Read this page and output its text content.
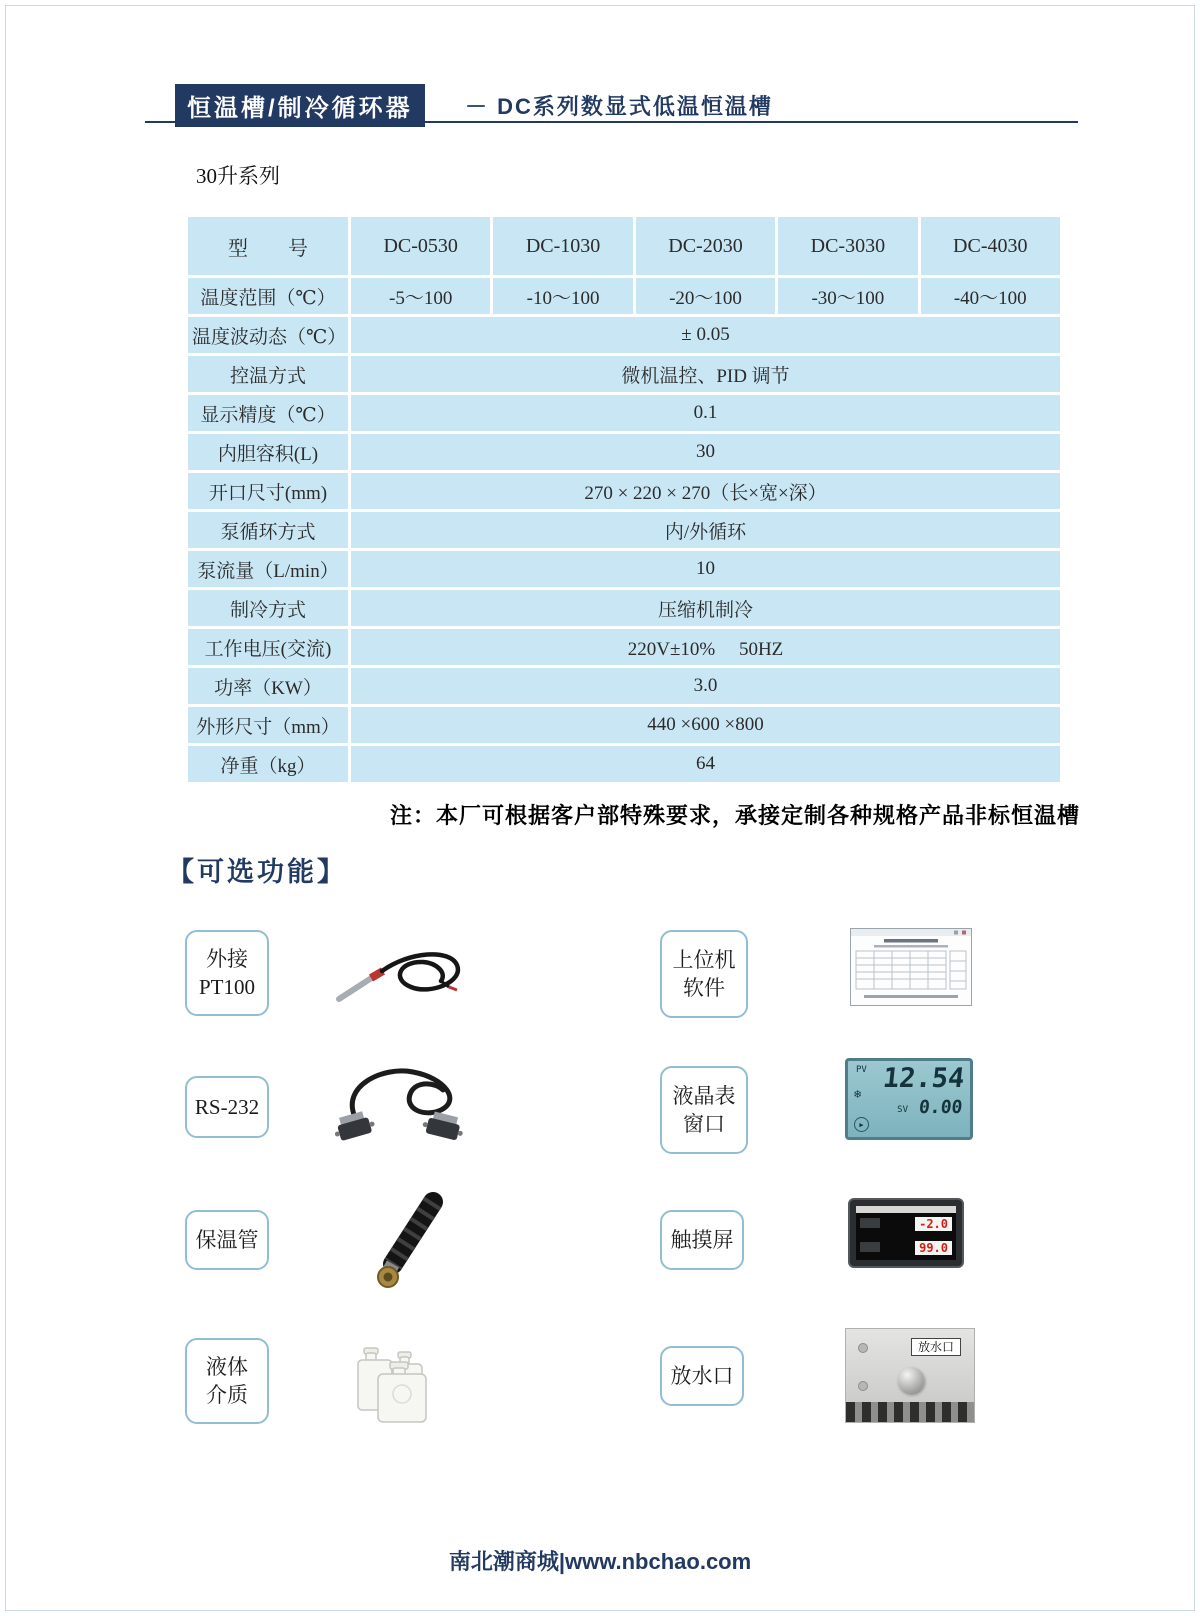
恒温槽/制冷循环器	－ DC系列数显式低温恒温槽
30升系列
型　　号	DC-0530	DC-1030	DC-2030	DC-3030	DC-4030
温度范围（℃）	-5～100	-10～100	-20～100	-30～100	-40～100
温度波动态（℃）	± 0.05				
控温方式	微机温控、PID 调节				
显示精度（℃）	0.1				
内胆容积(L)	30				
开口尺寸(mm)	270 × 220 × 270（长×宽×深）				
泵循环方式	内/外循环				
泵流量（L/min）	10				
制冷方式	压缩机制冷				
工作电压(交流)	220V±10%　 50HZ				
功率（KW）	3.0				
外形尺寸（mm）	440 ×600 ×800				
净重（kg）	64				
注：本厂可根据客户部特殊要求，承接定制各种规格产品非标恒温槽
【可选功能】
外接
PT100
上位机
软件
RS-232	液晶表
窗口
PV 12.54
SV 0.00
❄
▶
保温管	触摸屏
-2.0
99.0
液体
介质
放水口
放水口
南北潮商城|www.nbchao.com
